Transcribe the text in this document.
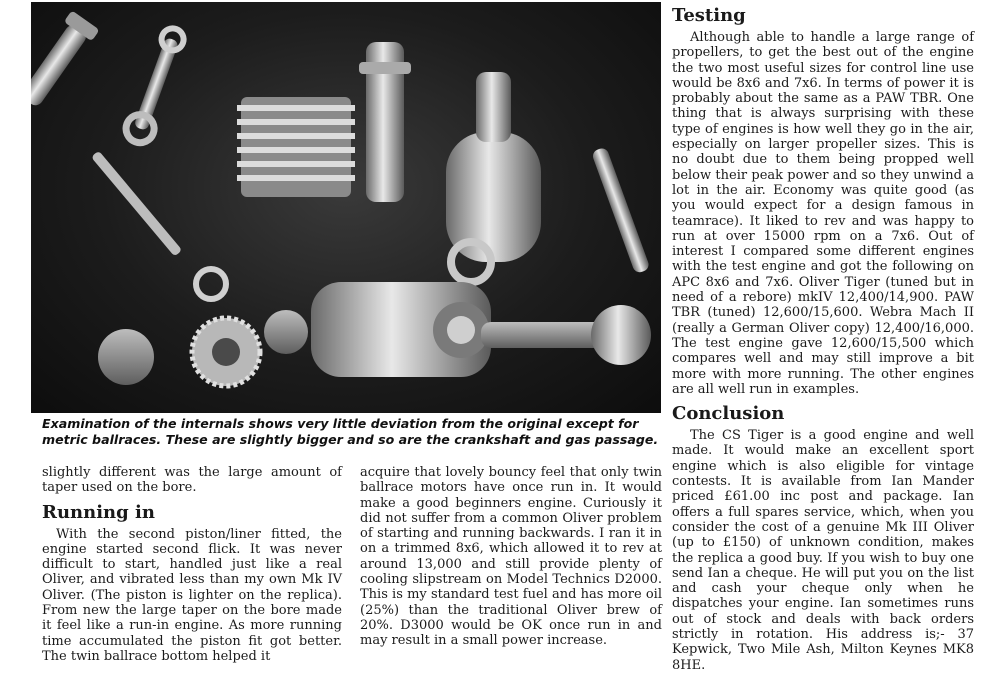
Examination of the internals shows very little deviation from the original except for metric ballraces. These are slightly bigger and so are the crankshaft and gas passage.

slightly different was the large amount of taper used on the bore.

Running in

With the second piston/liner fitted, the engine started second flick. It was never difficult to start, handled just like a real Oliver, and vibrated less than my own Mk IV Oliver. (The piston is lighter on the replica). From new the large taper on the bore made it feel like a run-in engine. As more running time accumulated the piston fit got better. The twin ballrace bottom helped it

acquire that lovely bouncy feel that only twin ballrace motors have once run in. It would make a good beginners engine. Curiously it did not suffer from a common Oliver problem of starting and running backwards. I ran it in on a trimmed 8x6, which allowed it to rev at around 13,000 and still provide plenty of cooling slipstream on Model Technics D2000. This is my standard test fuel and has more oil (25%) than the traditional Oliver brew of 20%. D3000 would be OK once run in and may result in a small power increase.

Testing

Although able to handle a large range of propellers, to get the best out of the engine the two most useful sizes for control line use would be 8x6 and 7x6. In terms of power it is probably about the same as a PAW TBR. One thing that is always surprising with these type of engines is how well they go in the air, especially on larger propeller sizes. This is no doubt due to them being propped well below their peak power and so they unwind a lot in the air. Economy was quite good (as you would expect for a design famous in teamrace). It liked to rev and was happy to run at over 15000 rpm on a 7x6. Out of interest I compared some different engines with the test engine and got the following on APC 8x6 and 7x6. Oliver Tiger (tuned but in need of a rebore) mkIV 12,400/14,900. PAW TBR (tuned) 12,600/15,600. Webra Mach II (really a German Oliver copy) 12,400/16,000. The test engine gave 12,600/15,500 which compares well and may still improve a bit more with more running. The other engines are all well run in examples.

Conclusion

The CS Tiger is a good engine and well made. It would make an excellent sport engine which is also eligible for vintage contests. It is available from Ian Mander priced £61.00 inc post and package. Ian offers a full spares service, which, when you consider the cost of a genuine Mk III Oliver (up to £150) of unknown condition, makes the replica a good buy. If you wish to buy one send Ian a cheque. He will put you on the list and cash your cheque only when he dispatches your engine. Ian sometimes runs out of stock and deals with back orders strictly in rotation. His address is;- 37 Kepwick, Two Mile Ash, Milton Keynes MK8 8HE.
